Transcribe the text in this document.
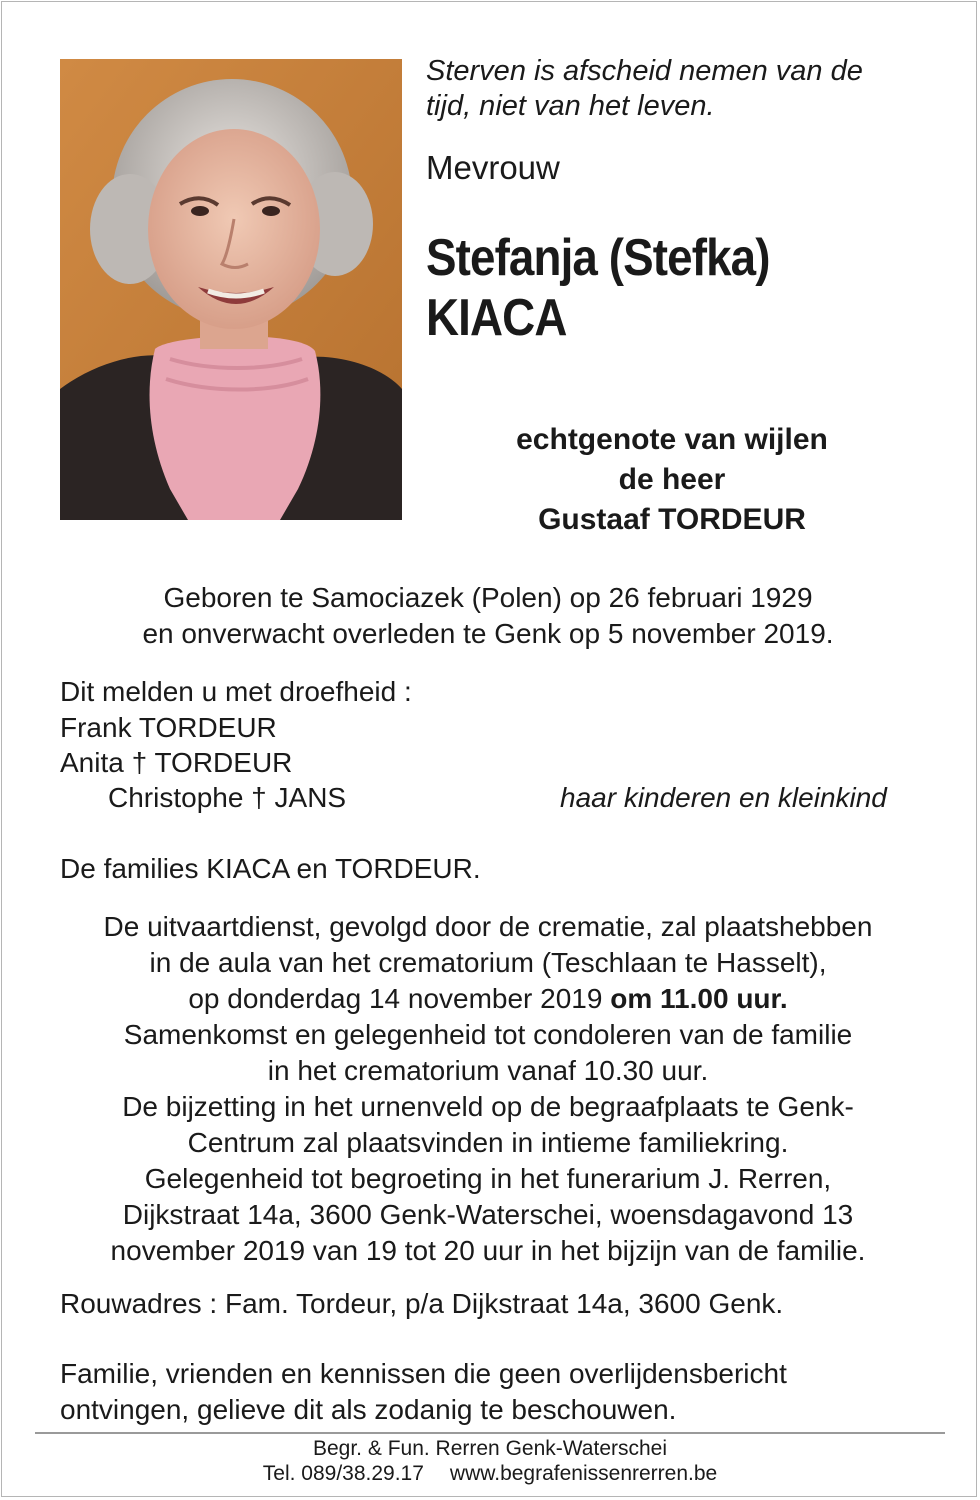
Sterven is afscheid nemen van de
tijd, niet van het leven.
Mevrouw
Stefanja (Stefka)
KIACA
echtgenote van wijlen
de heer
Gustaaf TORDEUR
Geboren te Samociazek (Polen) op 26 februari 1929
en onverwacht overleden te Genk op 5 november 2019.
Dit melden u met droefheid :
Frank TORDEUR
Anita † TORDEUR
Christophe † JANS	haar kinderen en kleinkind
De families KIACA en TORDEUR.
De uitvaartdienst, gevolgd door de crematie, zal plaatshebben
in de aula van het crematorium (Teschlaan te Hasselt),
op donderdag 14 november 2019 om 11.00 uur.
Samenkomst en gelegenheid tot condoleren van de familie
in het crematorium vanaf 10.30 uur.
De bijzetting in het urnenveld op de begraafplaats te Genk-
Centrum zal plaatsvinden in intieme familiekring.
Gelegenheid tot begroeting in het funerarium J. Rerren,
Dijkstraat 14a, 3600 Genk-Waterschei, woensdagavond 13
november 2019 van 19 tot 20 uur in het bijzijn van de familie.
Rouwadres : Fam. Tordeur, p/a Dijkstraat 14a, 3600 Genk.
Familie, vrienden en kennissen die geen overlijdensbericht
ontvingen, gelieve dit als zodanig te beschouwen.
Begr. & Fun. Rerren Genk-Waterschei
Tel. 089/38.29.17 www.begrafenissenrerren.be
